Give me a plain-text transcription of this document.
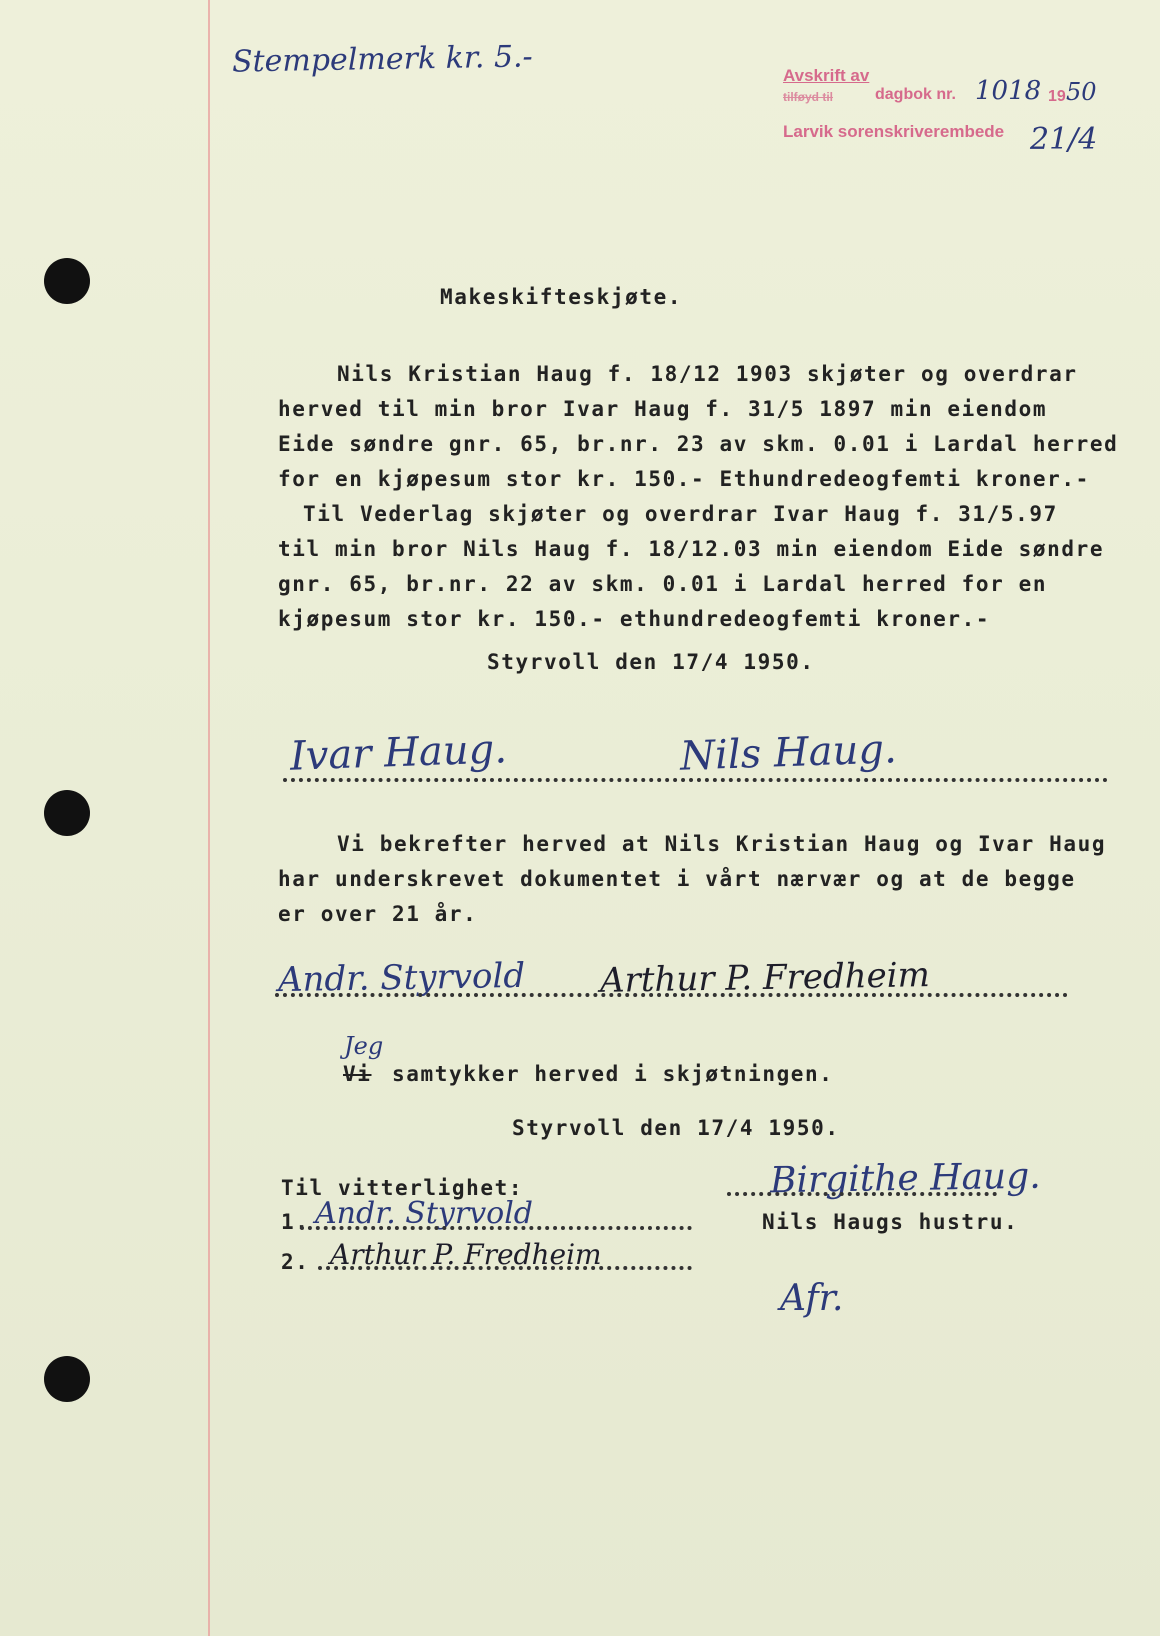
Stempelmerk kr. 5.-	Avskrift av
dagbok nr. 1018 19 50
tilføyd til
Larvik sorenskriverembede 21/4
Makeskifteskjøte.
Nils Kristian Haug f. 18/12 1903 skjøter og overdrar
herved til min bror Ivar Haug f. 31/5 1897 min eiendom
Eide søndre gnr. 65, br.nr. 23 av skm. 0.01 i Lardal herred
for en kjøpesum stor kr. 150.- Ethundredeogfemti kroner.-
Til Vederlag skjøter og overdrar Ivar Haug f. 31/5.97
til min bror Nils Haug f. 18/12.03 min eiendom Eide søndre
gnr. 65, br.nr. 22 av skm. 0.01 i Lardal herred for en
kjøpesum stor kr. 150.- ethundredeogfemti kroner.-
Styrvoll den 17/4 1950.
Ivar Haug.	Nils Haug.
Vi bekrefter herved at Nils Kristian Haug og Ivar Haug
har underskrevet dokumentet i vårt nærvær og at de begge
er over 21 år.
Andr. Styrvold Arthur P. Fredheim
Jeg
Vi samtykker herved i skjøtningen.
Styrvoll den 17/4 1950.
Til vitterlighet:
1. Andr. Styrvold
2. Arthur P. Fredheim
Birgithe Haug.
Nils Haugs hustru.
Afr.
